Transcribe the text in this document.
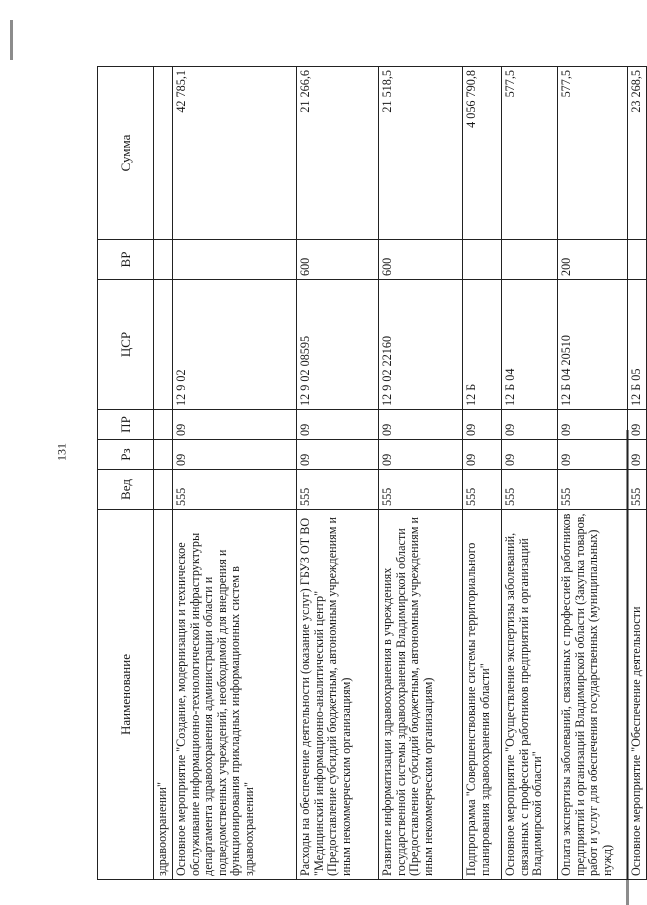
131
Наименование	Вед	Рз	ПР	ЦСР	ВР	Сумма
здравоохранении"						
Основное мероприятие "Создание, модернизация и техническое обслуживание информационно-технологической инфраструктуры департамента здравоохранения администрации области и подведомственных учреждений, необходимой для внедрения и функционирования прикладных информационных систем в здравоохранении"	555	09	09	12 9 02		42 785,1
Расходы на обеспечение деятельности (оказание услуг) ГБУЗ ОТ ВО "Медицинский информационно-аналитический центр" (Предоставление субсидий бюджетным, автономным учреждениям и иным некоммерческим организациям)	555	09	09	12 9 02 08595	600	21 266,6
Развитие информатизации здравоохранения в учреждениях государственной системы здравоохранения Владимирской области (Предоставление субсидий бюджетным, автономным учреждениям и иным некоммерческим организациям)	555	09	09	12 9 02 22160	600	21 518,5
Подпрограмма "Совершенствование системы территориального планирования здравоохранения области"	555	09	09	12 Б		4 056 790,8
Основное мероприятие "Осуществление экспертизы заболеваний, связанных с профессией работников предприятий и организаций Владимирской области"	555	09	09	12 Б 04		577,5
Оплата экспертизы заболеваний, связанных с профессией работников предприятий и организаций Владимирской области (Закупка товаров, работ и услуг для обеспечения государственных (муниципальных) нужд)	555	09	09	12 Б 04 20510	200	577,5
Основное мероприятие "Обеспечение деятельности	555	09	09	12 Б 05		23 268,5
